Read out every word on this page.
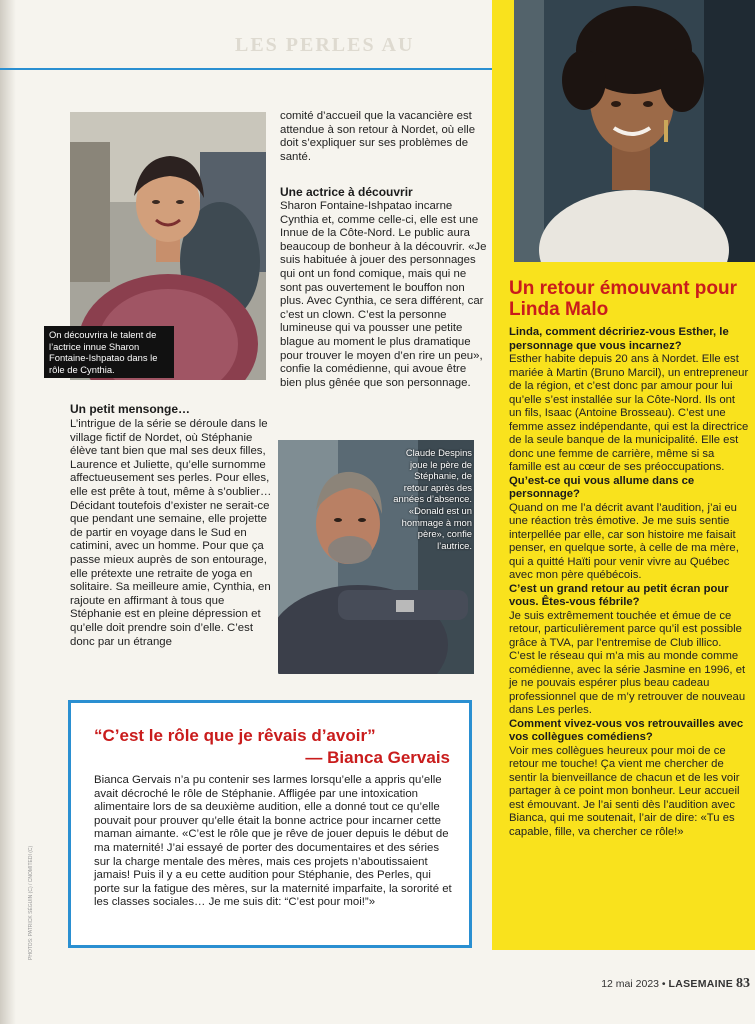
LES PERLES AU
On découvrira le talent de l’actrice innue Sharon Fontaine-Ishpatao dans le rôle de Cynthia.
Claude Despins joue le père de Stéphanie, de retour après des années d’absence. «Donald est un hommage à mon père», confie l’autrice.
Un petit mensonge…
L’intrigue de la série se déroule dans le village fictif de Nordet, où Stéphanie élève tant bien que mal ses deux filles, Laurence et Juliette, qu’elle surnomme affectueusement ses perles. Pour elles, elle est prête à tout, même à s’oublier… Décidant toutefois d’exister ne serait-ce que pendant une semaine, elle projette de partir en voyage dans le Sud en catimini, avec un homme. Pour que ça passe mieux auprès de son entourage, elle prétexte une retraite de yoga en solitaire. Sa meilleure amie, Cynthia, en rajoute en affirmant à tous que Stéphanie est en pleine dépression et qu’elle doit prendre soin d’elle. C’est donc par un étrange
comité d’accueil que la vacancière est attendue à son retour à Nordet, où elle doit s’expliquer sur ses problèmes de santé.
Une actrice à découvrir
Sharon Fontaine-Ishpatao incarne Cynthia et, comme celle-ci, elle est une Innue de la Côte-Nord. Le public aura beaucoup de bonheur à la découvrir. «Je suis habituée à jouer des personnages qui ont un fond comique, mais qui ne sont pas ouvertement le bouffon non plus. Avec Cynthia, ce sera différent, car c’est un clown. C’est la personne lumineuse qui va pousser une petite blague au moment le plus dramatique pour trouver le moyen d’en rire un peu», confie la comédienne, qui avoue être bien plus gênée que son personnage.
Un retour émouvant pour Linda Malo
Linda, comment décririez-vous Esther, le personnage que vous incarnez?
Esther habite depuis 20 ans à Nordet. Elle est mariée à Martin (Bruno Marcil), un entrepreneur de la région, et c’est donc par amour pour lui qu’elle s’est installée sur la Côte-Nord. Ils ont un fils, Isaac (Antoine Brosseau). C’est une femme assez indépendante, qui est la directrice de la seule banque de la municipalité. Elle est donc une femme de carrière, même si sa famille est au cœur de ses préoccupations.
Qu’est-ce qui vous allume dans ce personnage?
Quand on me l’a décrit avant l’audition, j’ai eu une réaction très émotive. Je me suis sentie interpellée par elle, car son histoire me faisait penser, en quelque sorte, à celle de ma mère, qui a quitté Haïti pour venir vivre au Québec avec mon père québécois.
C’est un grand retour au petit écran pour vous. Êtes-vous fébrile?
Je suis extrêmement touchée et émue de ce retour, particulièrement parce qu’il est possible grâce à TVA, par l’entremise de Club illico. C’est le réseau qui m’a mis au monde comme comédienne, avec la série Jasmine en 1996, et je ne pouvais espérer plus beau cadeau professionnel que de m’y retrouver de nouveau dans Les perles.
Comment vivez-vous vos retrouvailles avec vos collègues comédiens?
Voir mes collègues heureux pour moi de ce retour me touche! Ça vient me chercher de sentir la bienveillance de chacun et de les voir partager à ce point mon bonheur. Leur accueil est émouvant. Je l’ai senti dès l’audition avec Bianca, qui me soutenait, l’air de dire: «Tu es capable, fille, va chercher ce rôle!»
“C’est le rôle que je rêvais d’avoir”
— Bianca Gervais
Bianca Gervais n’a pu contenir ses larmes lorsqu’elle a appris qu’elle avait décroché le rôle de Stéphanie. Affligée par une intoxication alimentaire lors de sa deuxième audition, elle a donné tout ce qu’elle pouvait pour prouver qu’elle était la bonne actrice pour incarner cette maman aimante. «C’est le rôle que je rêve de jouer depuis le début de ma maternité! J’ai essayé de porter des documentaires et des séries sur la charge mentale des mères, mais ces projets n’aboutissaient jamais! Puis il y a eu cette audition pour Stéphanie, des Perles, qui porte sur la fatigue des mères, sur la maternité imparfaite, la sororité et les classes sociales… Je me suis dit: “C’est pour moi!”»
PHOTOS: PATRICK SÉGUIN (C) / CNOMITEDI (C)
12 mai 2023 • LASEMAINE 83
